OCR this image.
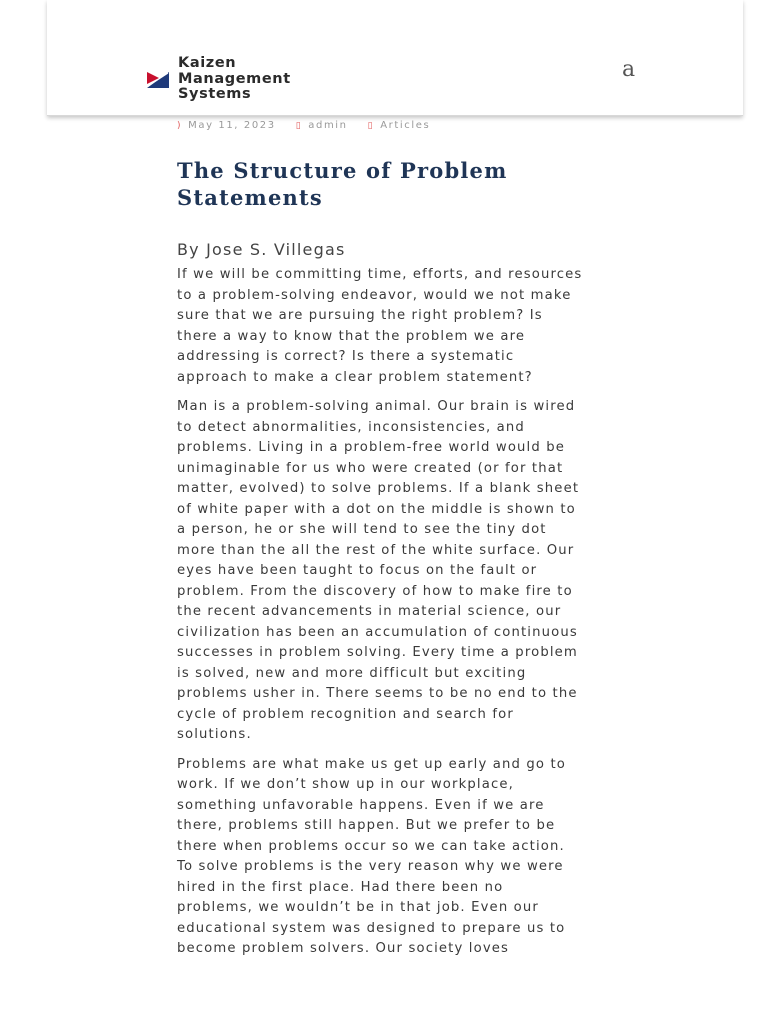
Kaizen
Management
Systems
a
) May 11, 2023 ▯ admin ▯ Articles
The Structure of Problem Statements
By Jose S. Villegas

If we will be committing time, efforts, and resources
to a problem-solving endeavor, would we not make
sure that we are pursuing the right problem? Is
there a way to know that the problem we are
addressing is correct? Is there a systematic
approach to make a clear problem statement?

Man is a problem-solving animal. Our brain is wired
to detect abnormalities, inconsistencies, and
problems. Living in a problem-free world would be
unimaginable for us who were created (or for that
matter, evolved) to solve problems. If a blank sheet
of white paper with a dot on the middle is shown to
a person, he or she will tend to see the tiny dot
more than the all the rest of the white surface. Our
eyes have been taught to focus on the fault or
problem. From the discovery of how to make fire to
the recent advancements in material science, our
civilization has been an accumulation of continuous
successes in problem solving. Every time a problem
is solved, new and more difficult but exciting
problems usher in. There seems to be no end to the
cycle of problem recognition and search for
solutions.

Problems are what make us get up early and go to
work. If we don’t show up in our workplace,
something unfavorable happens. Even if we are
there, problems still happen. But we prefer to be
there when problems occur so we can take action.
To solve problems is the very reason why we were
hired in the first place. Had there been no
problems, we wouldn’t be in that job. Even our
educational system was designed to prepare us to
become problem solvers. Our society loves
